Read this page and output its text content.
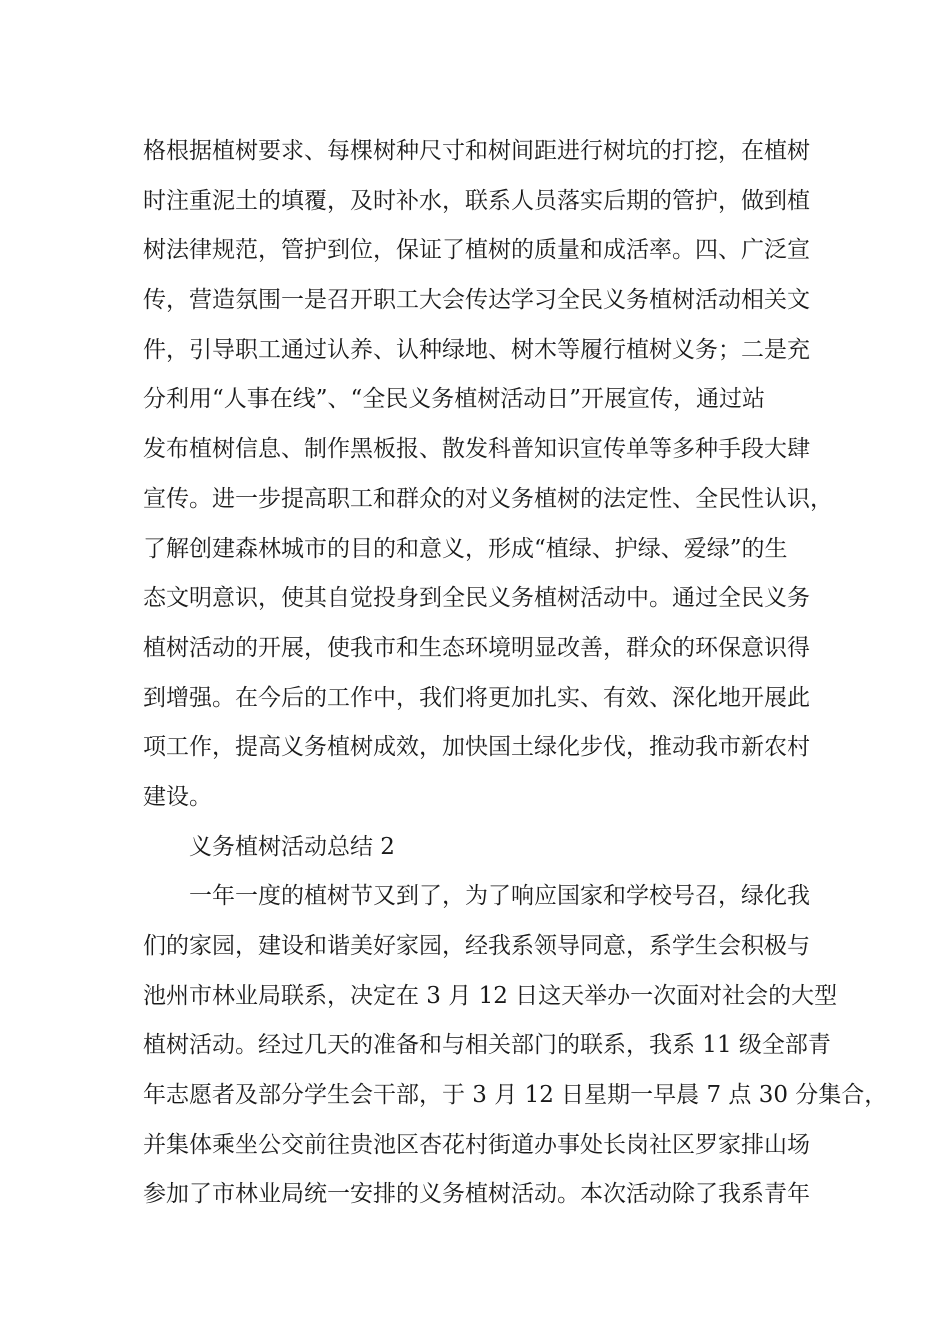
格根据植树要求、每棵树种尺寸和树间距进行树坑的打挖，在植树
时注重泥土的填覆，及时补水，联系人员落实后期的管护，做到植
树法律规范，管护到位，保证了植树的质量和成活率。四、广泛宣
传，营造氛围一是召开职工大会传达学习全民义务植树活动相关文
件，引导职工通过认养、认种绿地、树木等履行植树义务；二是充
分利用“人事在线”、“全民义务植树活动日”开展宣传，通过站
发布植树信息、制作黑板报、散发科普知识宣传单等多种手段大肆
宣传。进一步提高职工和群众的对义务植树的法定性、全民性认识，
了解创建森林城市的目的和意义，形成“植绿、护绿、爱绿”的生
态文明意识，使其自觉投身到全民义务植树活动中。通过全民义务
植树活动的开展，使我市和生态环境明显改善，群众的环保意识得
到增强。在今后的工作中，我们将更加扎实、有效、深化地开展此
项工作，提高义务植树成效，加快国土绿化步伐，推动我市新农村
建设。
义务植树活动总结 2
一年一度的植树节又到了，为了响应国家和学校号召，绿化我
们的家园，建设和谐美好家园，经我系领导同意，系学生会积极与
池州市林业局联系，决定在 3 月 12 日这天举办一次面对社会的大型
植树活动。经过几天的准备和与相关部门的联系，我系 11 级全部青
年志愿者及部分学生会干部，于 3 月 12 日星期一早晨 7 点 30 分集合，
并集体乘坐公交前往贵池区杏花村街道办事处长岗社区罗家排山场
参加了市林业局统一安排的义务植树活动。本次活动除了我系青年
